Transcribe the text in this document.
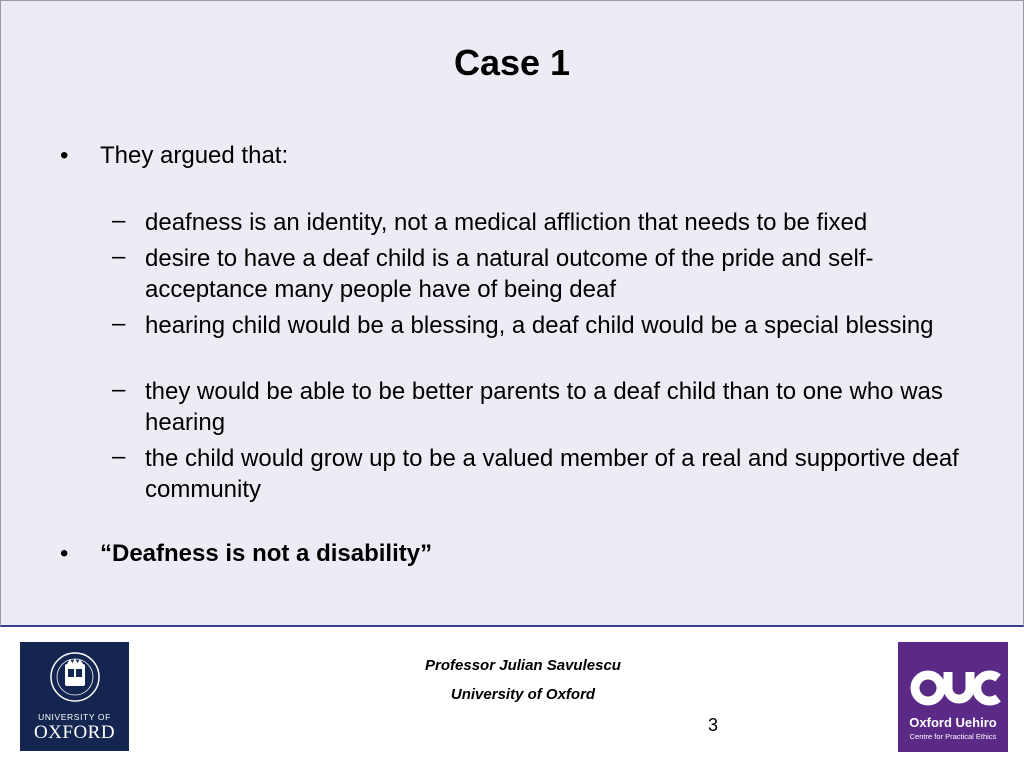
Case 1
• They argued that:
– deafness is an identity, not a medical affliction that needs to be fixed
– desire to have a deaf child is a natural outcome of the pride and self-acceptance many people have of being deaf
– hearing child would be a blessing, a deaf child would be a special blessing
– they would be able to be better parents to a deaf child than to one who was hearing
– the child would grow up to be a valued member of a real and supportive deaf community
• “Deafness is not a disability”
UNIVERSITY OF
OXFORD
Professor Julian Savulescu
University of Oxford
3	Oxford Uehiro
Centre for Practical Ethics
